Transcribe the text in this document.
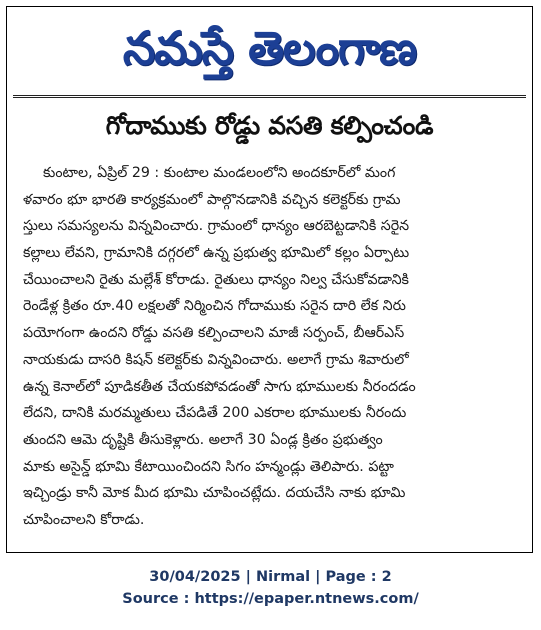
నమస్తే తెలంగాణ
గోదాముకు రోడ్డు వసతి కల్పించండి
కుంటాల, ఏప్రిల్ 29 : కుంటాల మండలంలోని అందకూర్‌లో మంగ
ళవారం భూ భారతి కార్యక్రమంలో పాల్గొనడానికి వచ్చిన కలెక్టర్‌కు గ్రామ
స్తులు సమస్యలను విన్నవించారు. గ్రామంలో ధాన్యం ఆరబెట్టడానికి సరైన
కల్లాలు లేవని, గ్రామానికి దగ్గరలో ఉన్న ప్రభుత్వ భూమిలో కల్లం ఏర్పాటు
చేయించాలని రైతు మల్లేశ్ కోరాడు. రైతులు ధాన్యం నిల్వ చేసుకోవడానికి
రెండేళ్ల క్రితం రూ.40 లక్షలతో నిర్మించిన గోదాముకు సరైన దారి లేక నిరు
పయోగంగా ఉందని రోడ్డు వసతి కల్పించాలని మాజీ సర్పంచ్, బీఆర్‌ఎస్
నాయకుడు దాసరి కిషన్ కలెక్టర్‌కు విన్నవించారు. అలాగే గ్రామ శివారులో
ఉన్న కెనాల్‌లో పూడికతీత చేయకపోవడంతో సాగు భూములకు నీరందడం
లేదని, దానికి మరమ్మతులు చేపడితే 200 ఎకరాల భూములకు నీరందు
తుందని ఆమె దృష్టికి తీసుకెళ్లారు. అలాగే 30 ఏండ్ల క్రితం ప్రభుత్వం
మాకు అసైన్డ్ భూమి కేటాయించిందని సిగం హన్మండ్లు తెలిపారు. పట్టా
ఇచ్చిండ్రు కానీ మోక మీద భూమి చూపించట్లేదు. దయచేసి నాకు భూమి
చూపించాలని కోరాడు.
30/04/2025 | Nirmal | Page : 2
Source : https://epaper.ntnews.com/
